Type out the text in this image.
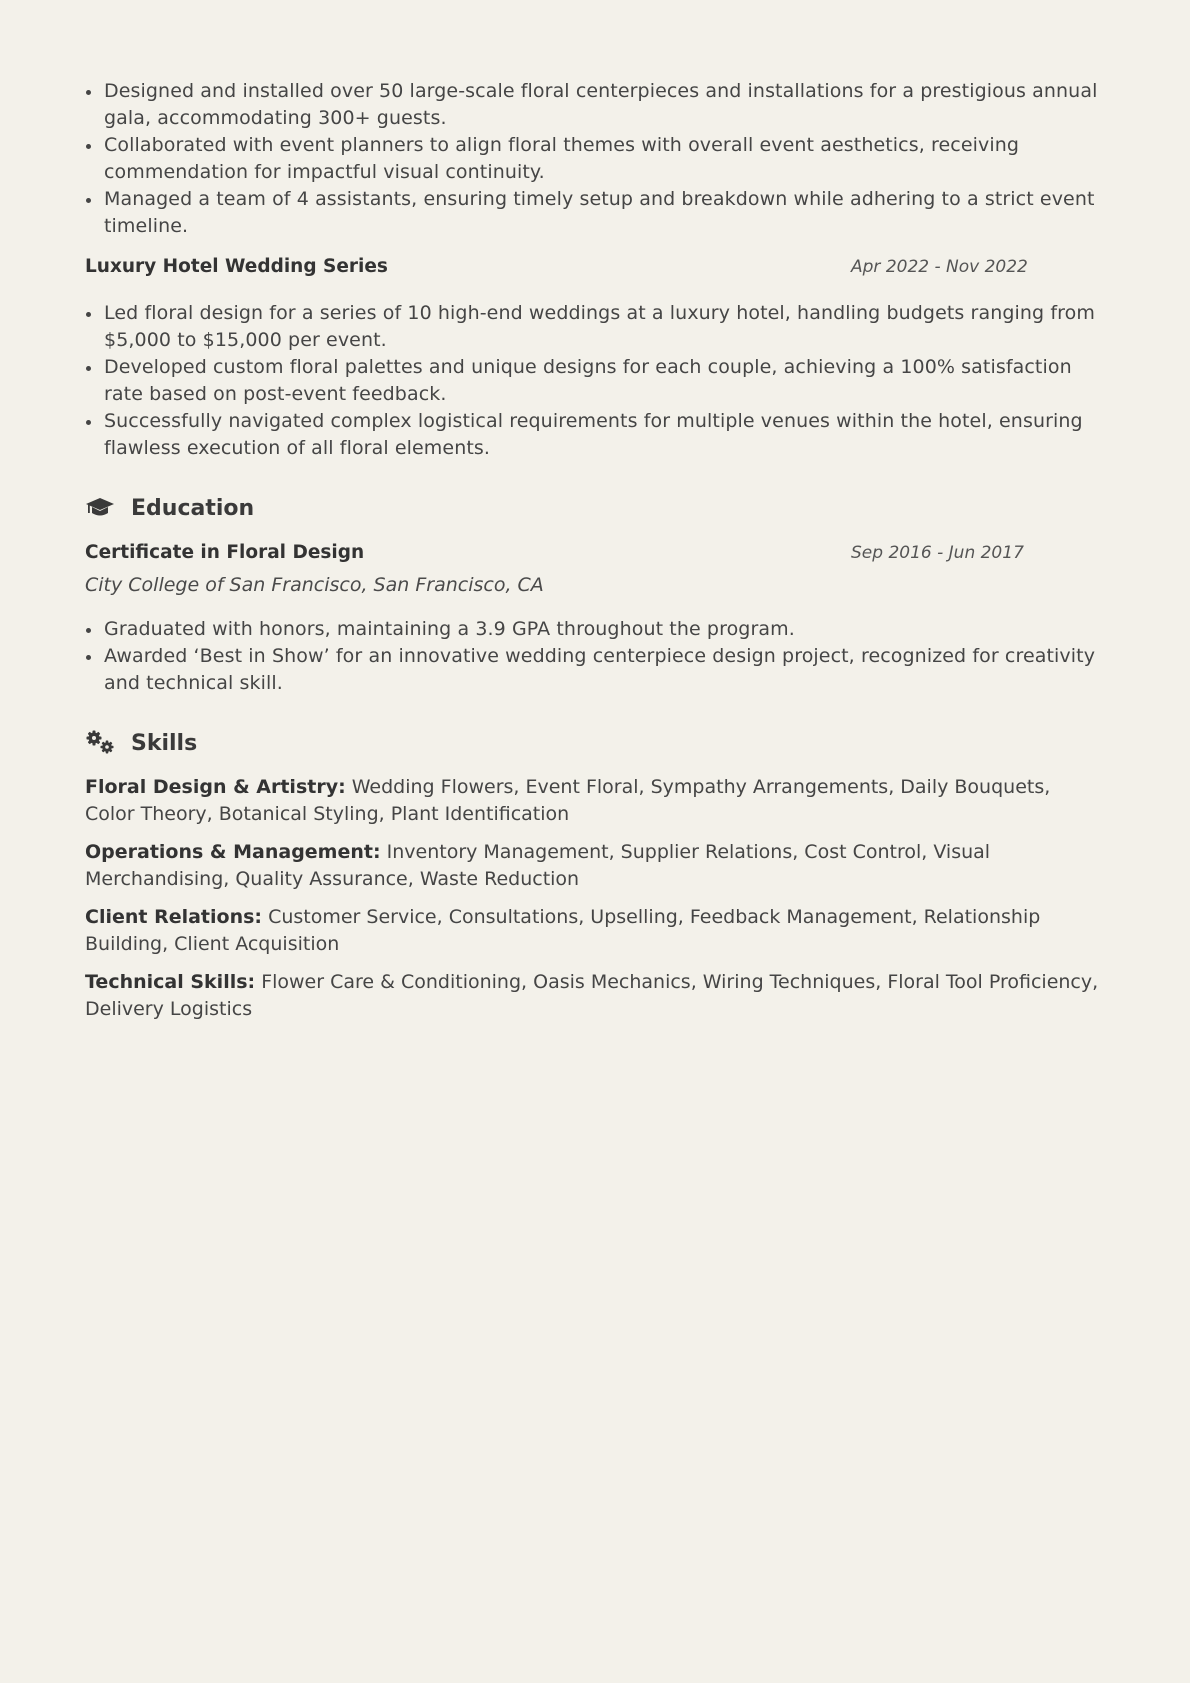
Designed and installed over 50 large-scale floral centerpieces and installations for a prestigious annual gala, accommodating 300+ guests.
Collaborated with event planners to align floral themes with overall event aesthetics, receiving commendation for impactful visual continuity.
Managed a team of 4 assistants, ensuring timely setup and breakdown while adhering to a strict event timeline.
Luxury Hotel Wedding Series	Apr 2022 - Nov 2022
Led floral design for a series of 10 high-end weddings at a luxury hotel, handling budgets ranging from $5,000 to $15,000 per event.
Developed custom floral palettes and unique designs for each couple, achieving a 100% satisfaction rate based on post-event feedback.
Successfully navigated complex logistical requirements for multiple venues within the hotel, ensuring flawless execution of all floral elements.
Education
Certificate in Floral Design	Sep 2016 - Jun 2017
City College of San Francisco, San Francisco, CA
Graduated with honors, maintaining a 3.9 GPA throughout the program.
Awarded ‘Best in Show’ for an innovative wedding centerpiece design project, recognized for creativity and technical skill.
Skills
Floral Design & Artistry: Wedding Flowers, Event Floral, Sympathy Arrangements, Daily Bouquets, Color Theory, Botanical Styling, Plant Identification
Operations & Management: Inventory Management, Supplier Relations, Cost Control, Visual Merchandising, Quality Assurance, Waste Reduction
Client Relations: Customer Service, Consultations, Upselling, Feedback Management, Relationship Building, Client Acquisition
Technical Skills: Flower Care & Conditioning, Oasis Mechanics, Wiring Techniques, Floral Tool Proficiency, Delivery Logistics
